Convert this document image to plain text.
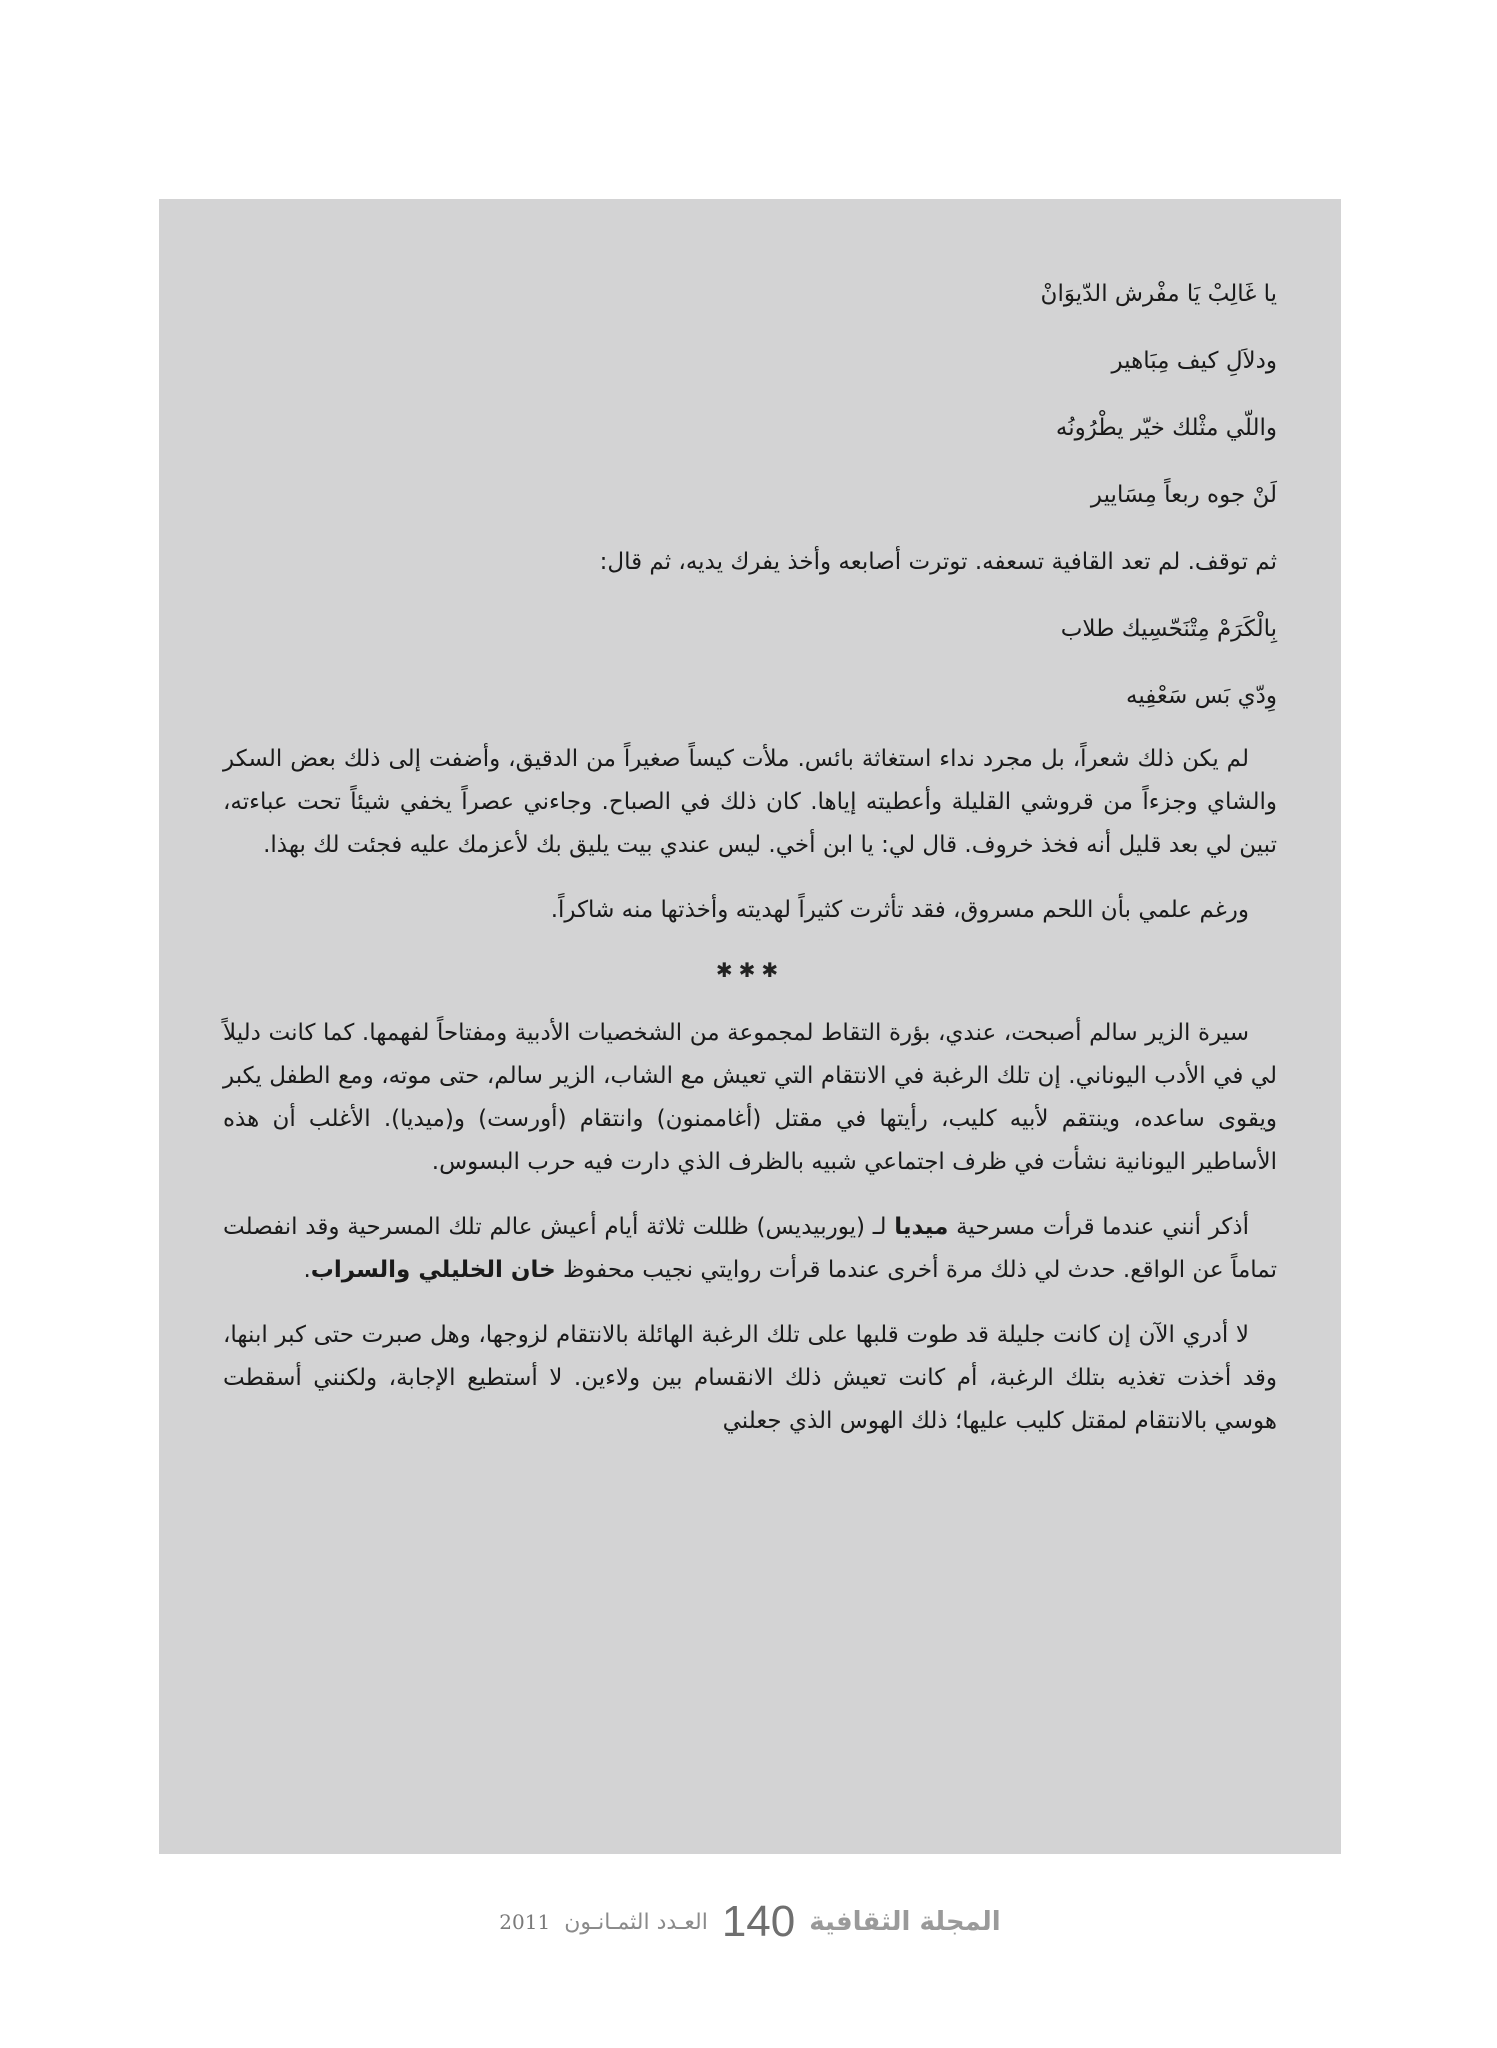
يا غَالِبْ يَا مفْرش الدّيوَانْ
ودلاَلِ كيف مِبَاهير
واللّي مثْلك خيّر يطْرُونُه
لَنْ جوه ربعاً مِسَايير
ثم توقف. لم تعد القافية تسعفه. توترت أصابعه وأخذ يفرك يديه، ثم قال:
بِالْكَرَمْ مِتْنَحّسِيك طلاب
وِدّي بَس سَعْفِيه

لم يكن ذلك شعراً، بل مجرد نداء استغاثة بائس. ملأت كيساً صغيراً من الدقيق، وأضفت إلى ذلك بعض السكر والشاي وجزءاً من قروشي القليلة وأعطيته إياها. كان ذلك في الصباح. وجاءني عصراً يخفي شيئاً تحت عباءته، تبين لي بعد قليل أنه فخذ خروف. قال لي: يا ابن أخي. ليس عندي بيت يليق بك لأعزمك عليه فجئت لك بهذا.

ورغم علمي بأن اللحم مسروق، فقد تأثرت كثيراً لهديته وأخذتها منه شاكراً.

✱✱✱

سيرة الزير سالم أصبحت، عندي، بؤرة التقاط لمجموعة من الشخصيات الأدبية ومفتاحاً لفهمها. كما كانت دليلاً لي في الأدب اليوناني. إن تلك الرغبة في الانتقام التي تعيش مع الشاب، الزير سالم، حتى موته، ومع الطفل يكبر ويقوى ساعده، وينتقم لأبيه كليب، رأيتها في مقتل (أغاممنون) وانتقام (أورست) و(ميديا). الأغلب أن هذه الأساطير اليونانية نشأت في ظرف اجتماعي شبيه بالظرف الذي دارت فيه حرب البسوس.

أذكر أنني عندما قرأت مسرحية ميديا لـ (يوربيديس) ظللت ثلاثة أيام أعيش عالم تلك المسرحية وقد انفصلت تماماً عن الواقع. حدث لي ذلك مرة أخرى عندما قرأت روايتي نجيب محفوظ خان الخليلي والسراب.

لا أدري الآن إن كانت جليلة قد طوت قلبها على تلك الرغبة الهائلة بالانتقام لزوجها، وهل صبرت حتى كبر ابنها، وقد أخذت تغذيه بتلك الرغبة، أم كانت تعيش ذلك الانقسام بين ولاءين. لا أستطيع الإجابة، ولكنني أسقطت هوسي بالانتقام لمقتل كليب عليها؛ ذلك الهوس الذي جعلني

2011 العـدد الثمـانـون 140 المجلة الثقافية
